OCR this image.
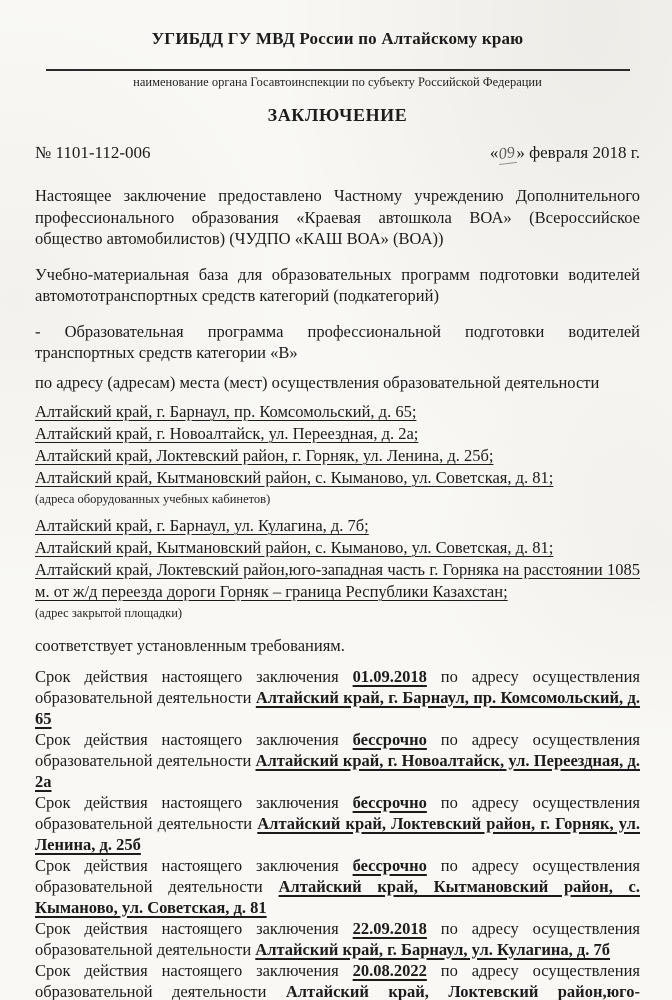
УГИБДД ГУ МВД России по Алтайскому краю
наименование органа Госавтоинспекции по субъекту Российской Федерации
ЗАКЛЮЧЕНИЕ
№ 1101-112-006	«09» февраля 2018 г.

Настоящее заключение предоставлено Частному учреждению Дополнительного профессионального образования «Краевая автошкола ВОА» (Всероссийское общество автомобилистов) (ЧУДПО «КАШ ВОА» (ВОА))

Учебно-материальная база для образовательных программ подготовки водителей автомототранспортных средств категорий (подкатегорий)

- Образовательная программа профессиональной подготовки водителей транспортных средств категории «В»

по адресу (адресам) места (мест) осуществления образовательной деятельности

Алтайский край, г. Барнаул, пр. Комсомольский, д. 65;

Алтайский край, г. Новоалтайск, ул. Переездная, д. 2а;

Алтайский край, Локтевский район, г. Горняк, ул. Ленина, д. 25б;

Алтайский край, Кытмановский район, с. Кыманово, ул. Советская, д. 81;

(адреса оборудованных учебных кабинетов)

Алтайский край, г. Барнаул, ул. Кулагина, д. 7б;

Алтайский край, Кытмановский район, с. Кыманово, ул. Советская, д. 81;

Алтайский край, Локтевский район,юго-западная часть г. Горняка на расстоянии 1085 м. от ж/д переезда дороги Горняк – граница Республики Казахстан;

(адрес закрытой площадки)

соответствует установленным требованиям.

Срок действия настоящего заключения 01.09.2018 по адресу осуществления образовательной деятельности Алтайский край, г. Барнаул, пр. Комсомольский, д. 65

Срок действия настоящего заключения бессрочно по адресу осуществления образовательной деятельности Алтайский край, г. Новоалтайск, ул. Переездная, д. 2а

Срок действия настоящего заключения бессрочно по адресу осуществления образовательной деятельности Алтайский край, Локтевский район, г. Горняк, ул. Ленина, д. 25б

Срок действия настоящего заключения бессрочно по адресу осуществления образовательной деятельности Алтайский край, Кытмановский район, с. Кыманово, ул. Советская, д. 81

Срок действия настоящего заключения 22.09.2018 по адресу осуществления образовательной деятельности Алтайский край, г. Барнаул, ул. Кулагина, д. 7б

Срок действия настоящего заключения 20.08.2022 по адресу осуществления образовательной деятельности Алтайский край, Локтевский район,юго-
